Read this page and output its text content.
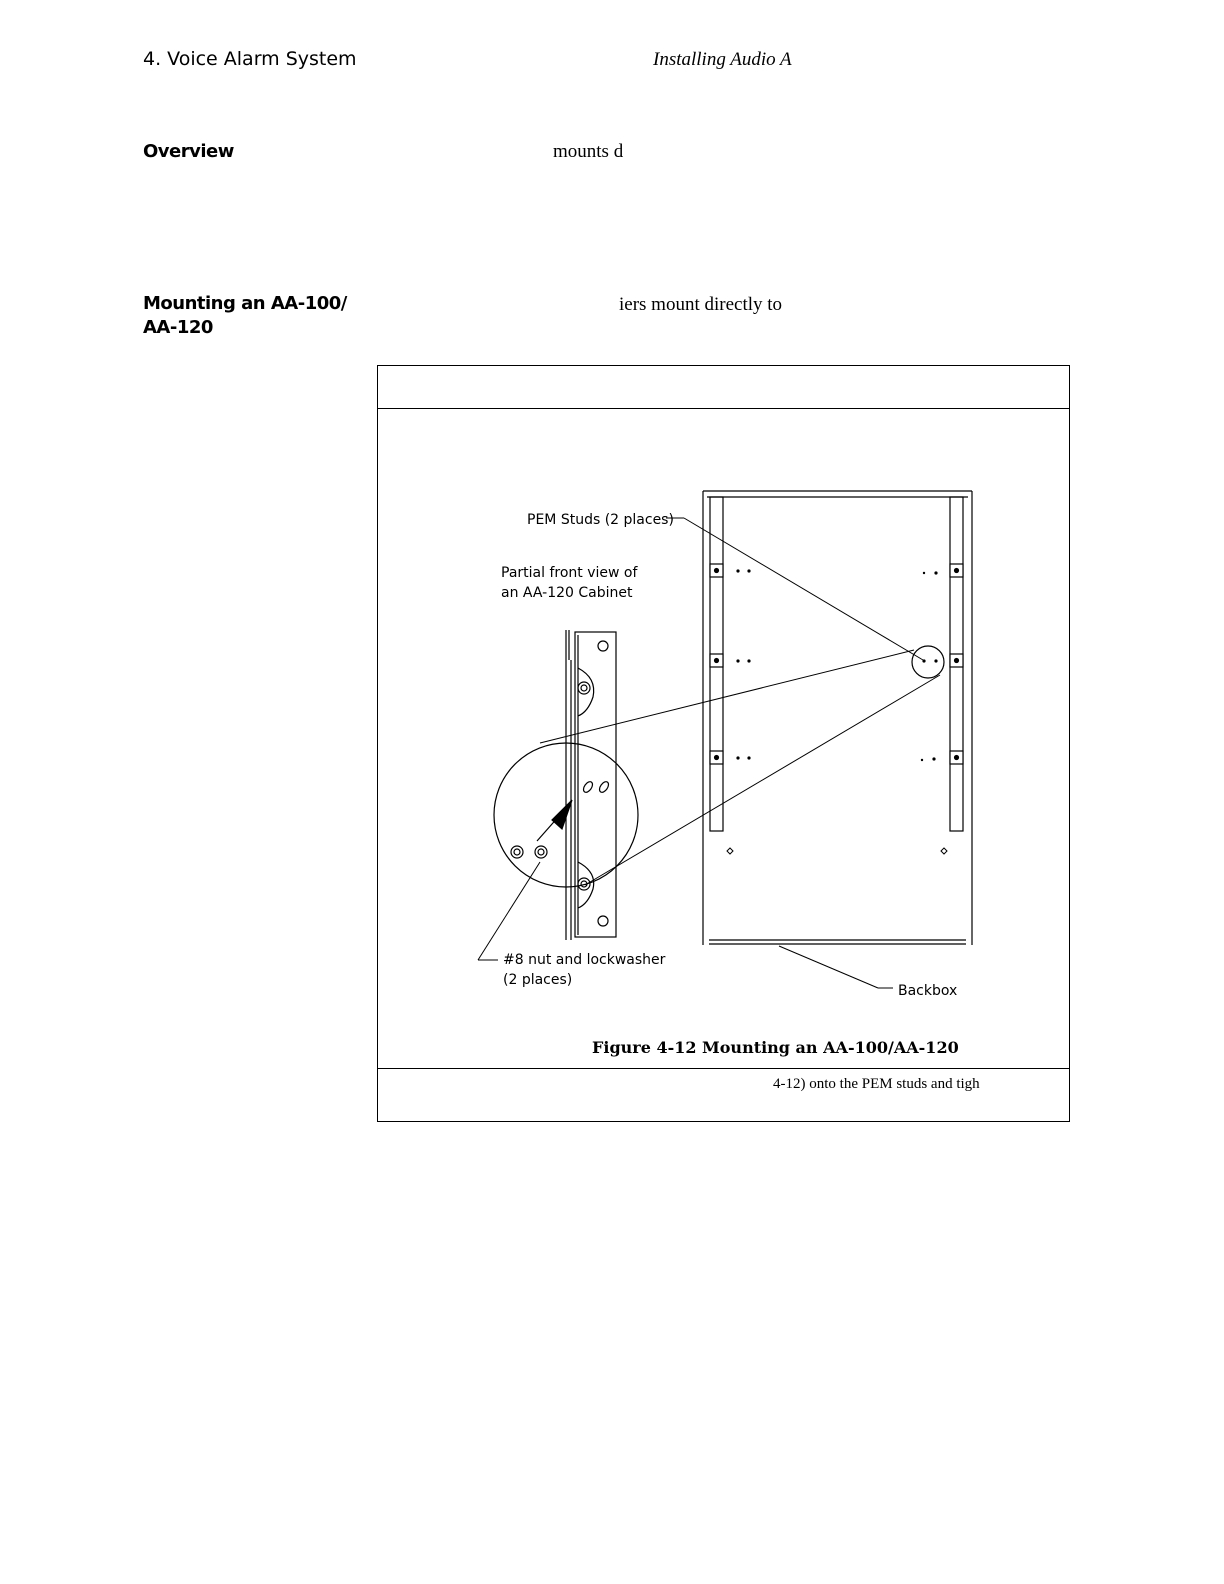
4. Voice Alarm System	Installing Audio A
Overview	mounts d
Mounting an AA-100/
AA-120
iers mount directly to
PEM Studs (2 places)
Partial front view of
an AA-120 Cabinet
#8 nut and lockwasher
(2 places)
Backbox
Figure 4-12 Mounting an AA-100/AA-120
4-12) onto the PEM studs and tigh
